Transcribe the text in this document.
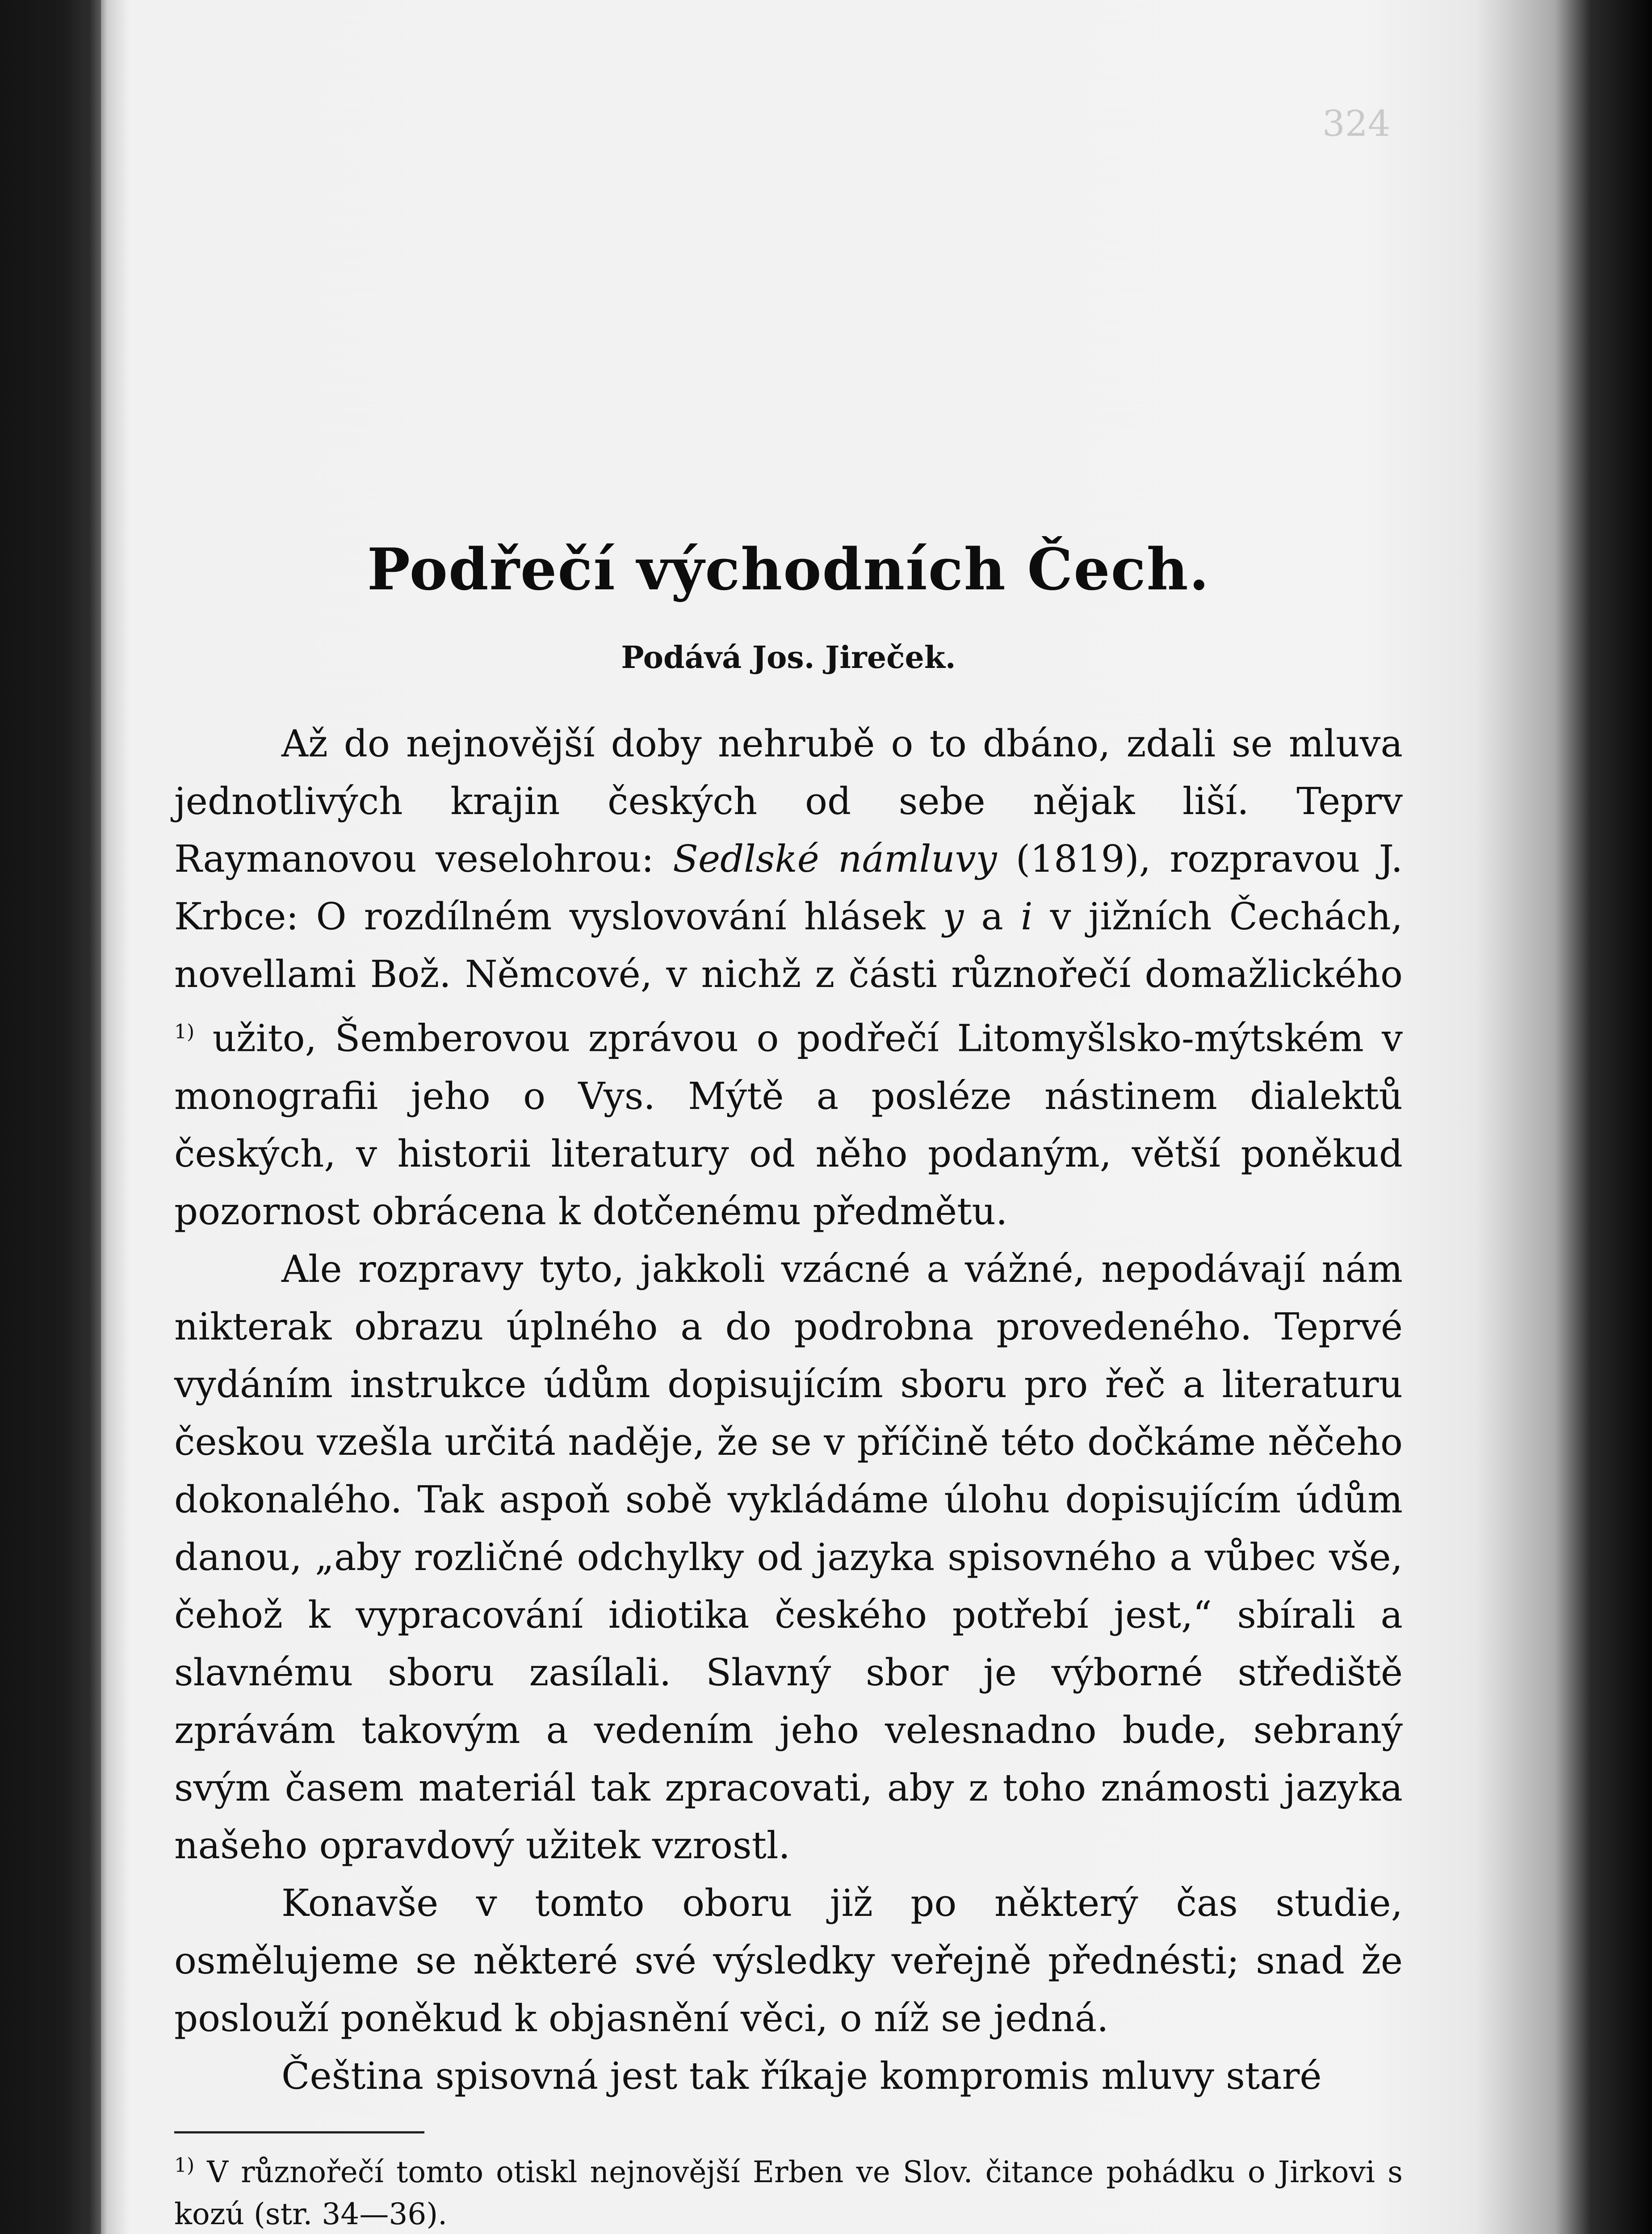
324
Podřečí východních Čech.
Podává Jos. Jireček.

Až do nejnovější doby nehrubě o to dbáno, zdali se mluva jednotlivých krajin českých od sebe nějak liší. Teprv Raymanovou veselohrou: Sedlské námluvy (1819), rozpravou J. Krbce: O rozdílném vyslovování hlásek y a i v jižních Čechách, novellami Bož. Němcové, v nichž z části různořečí domažlického $^{1)}$ užito, Šemberovou zprávou o podřečí Litomyšlsko-mýtském v monografii jeho o Vys. Mýtě a posléze nástinem dialektů českých, v historii literatury od něho podaným, větší poněkud pozornost obrácena k dotčenému předmětu.

Ale rozpravy tyto, jakkoli vzácné a vážné, nepodávají nám nikterak obrazu úplného a do podrobna provedeného. Teprvé vydáním instrukce údům dopisujícím sboru pro řeč a literaturu českou vzešla určitá naděje, že se v příčině této dočkáme něčeho dokonalého. Tak aspoň sobě vykládáme úlohu dopisujícím údům danou, „aby rozličné odchylky od jazyka spisovného a vůbec vše, čehož k vypracování idiotika českého potřebí jest,“ sbírali a slavnému sboru zasílali. Slavný sbor je výborné střediště zprávám takovým a vedením jeho velesnadno bude, sebraný svým časem materiál tak zpracovati, aby z toho známosti jazyka našeho opravdový užitek vzrostl.

Konavše v tomto oboru již po některý čas studie, osmělujeme se některé své výsledky veřejně přednésti; snad že poslouží poněkud k objasnění věci, o níž se jedná.

Čeština spisovná jest tak říkaje kompromis mluvy staré

$^{1)}$ V různořečí tomto otiskl nejnovější Erben ve Slov. čitance pohádku o Jirkovi s kozú (str. 34—36).
